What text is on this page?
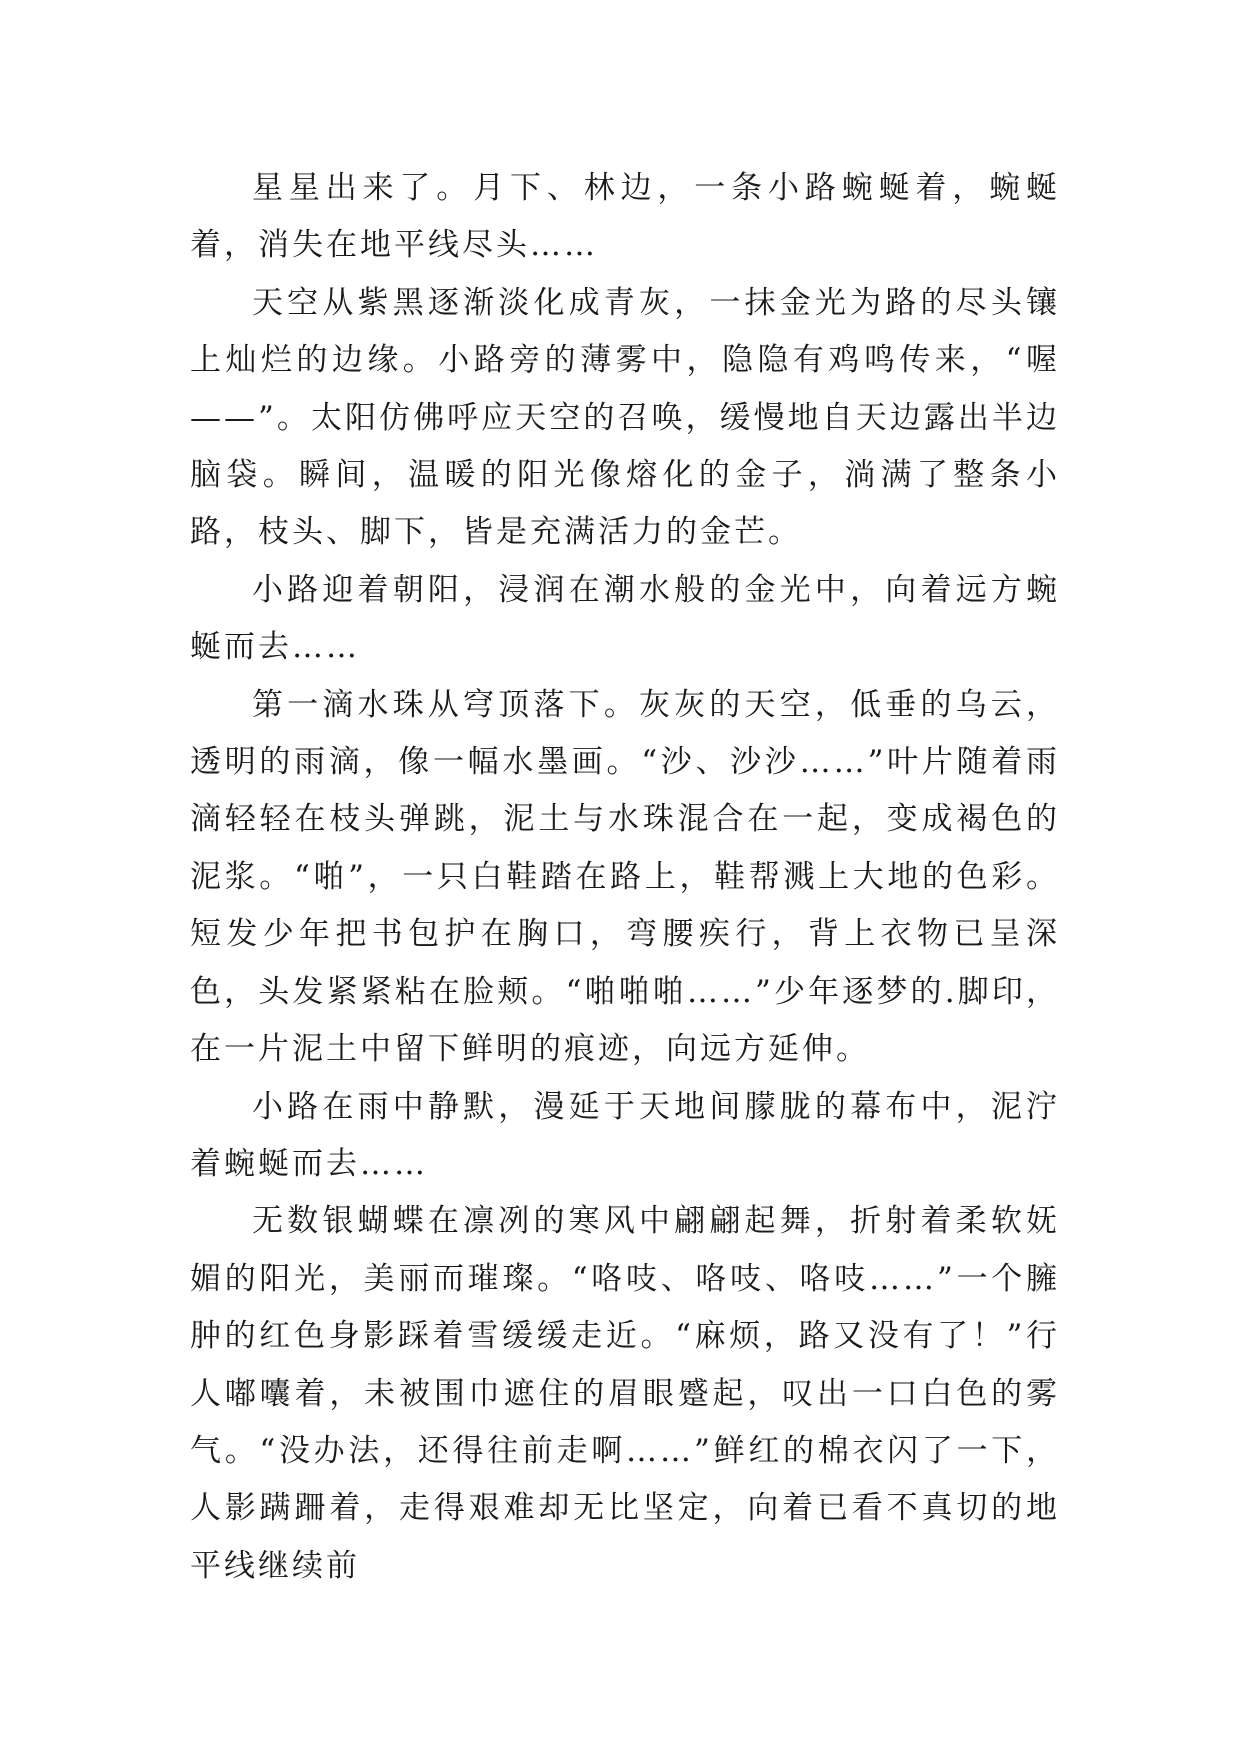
星星出来了。月下、林边，一条小路蜿蜒着，蜿蜒着，消失在地平线尽头……

天空从紫黑逐渐淡化成青灰，一抹金光为路的尽头镶上灿烂的边缘。小路旁的薄雾中，隐隐有鸡鸣传来，“喔——”。太阳仿佛呼应天空的召唤，缓慢地自天边露出半边脑袋。瞬间，温暖的阳光像熔化的金子，淌满了整条小路，枝头、脚下，皆是充满活力的金芒。

小路迎着朝阳，浸润在潮水般的金光中，向着远方蜿蜒而去……

第一滴水珠从穹顶落下。灰灰的天空，低垂的乌云，透明的雨滴，像一幅水墨画。“沙、沙沙……”叶片随着雨滴轻轻在枝头弹跳，泥土与水珠混合在一起，变成褐色的泥浆。“啪”，一只白鞋踏在路上，鞋帮溅上大地的色彩。短发少年把书包护在胸口，弯腰疾行，背上衣物已呈深色，头发紧紧粘在脸颊。“啪啪啪……”少年逐梦的.脚印，在一片泥土中留下鲜明的痕迹，向远方延伸。

小路在雨中静默，漫延于天地间朦胧的幕布中，泥泞着蜿蜒而去……

无数银蝴蝶在凛冽的寒风中翩翩起舞，折射着柔软妩媚的阳光，美丽而璀璨。“咯吱、咯吱、咯吱……”一个臃肿的红色身影踩着雪缓缓走近。“麻烦，路又没有了！”行人嘟囔着，未被围巾遮住的眉眼蹙起，叹出一口白色的雾气。“没办法，还得往前走啊……”鲜红的棉衣闪了一下，人影蹒跚着，走得艰难却无比坚定，向着已看不真切的地平线继续前
